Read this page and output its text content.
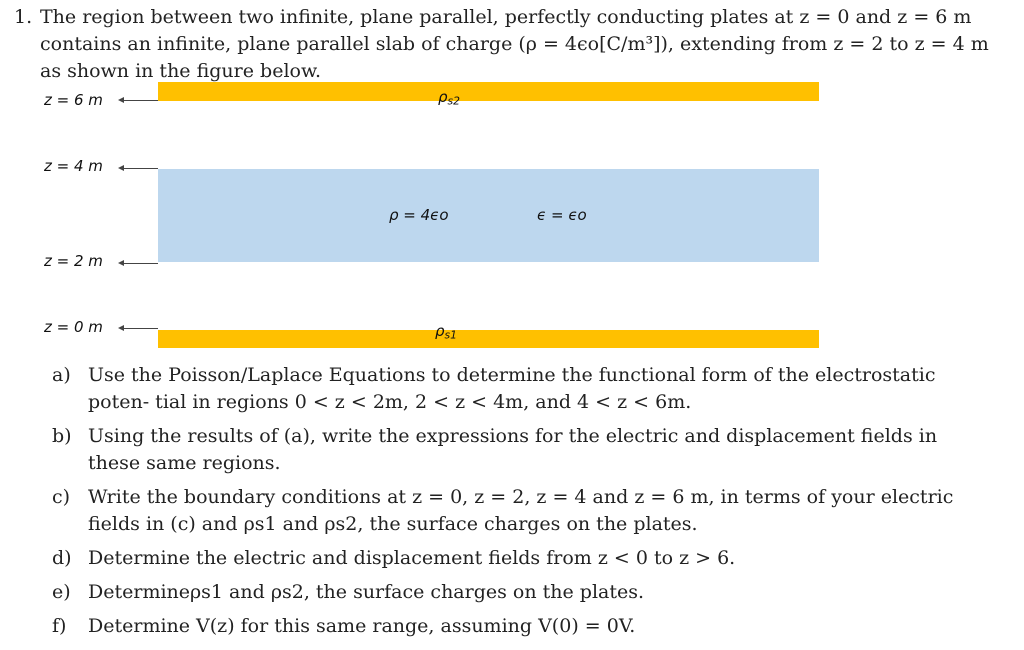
1. The region between two infinite, plane parallel, perfectly conducting plates at z = 0 and z = 6 m
contains an infinite, plane parallel slab of charge (ρ = 4ϵo[C/m³]), extending from z = 2 to z = 4 m
as shown in the figure below.
z = 6 m	$\rho_{s2}$
z = 4 m
ρ = 4ϵo	ϵ = ϵo
z = 2 m
z = 0 m	$\rho_{s1}$
a) Use the Poisson/Laplace Equations to determine the functional form of the electrostatic poten- tial in regions 0 < z < 2m, 2 < z < 4m, and 4 < z < 6m.
b) Using the results of (a), write the expressions for the electric and displacement fields in these same regions.
c) Write the boundary conditions at z = 0, z = 2, z = 4 and z = 6 m, in terms of your electric fields in (c) and ρs1 and ρs2, the surface charges on the plates.
d) Determine the electric and displacement fields from z < 0 to z > 6.
e) Determineρs1 and ρs2, the surface charges on the plates.
f) Determine V(z) for this same range, assuming V(0) = 0V.
